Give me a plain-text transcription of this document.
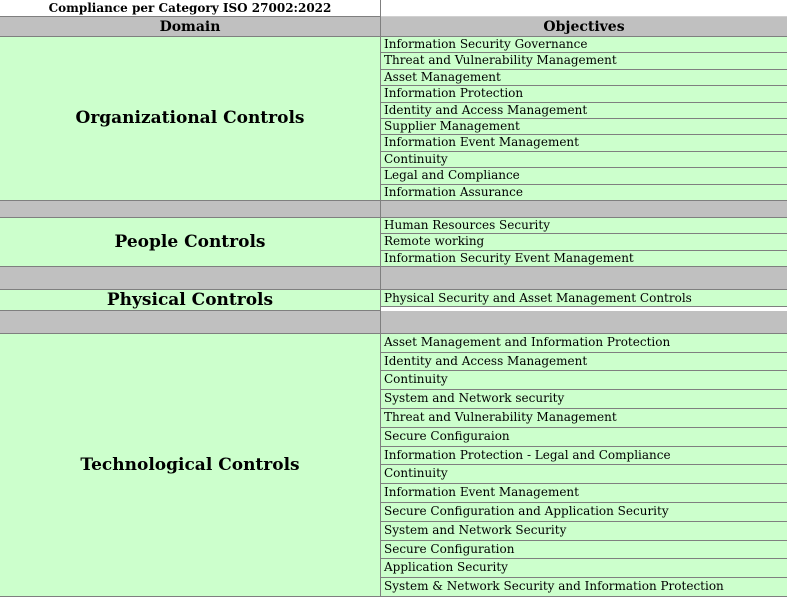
Compliance per Category ISO 27002:2022
Domain	Objectives
Organizational Controls
Information Security Governance
Threat and Vulnerability Management
Asset Management
Information Protection
Identity and Access Management
Supplier Management
Information Event Management
Continuity
Legal and Compliance
Information Assurance
People Controls
Human Resources Security
Remote working
Information Security Event Management
Physical Controls	Physical Security and Asset Management Controls
Technological Controls
Asset Management and Information Protection
Identity and Access Management
Continuity
System and Network security
Threat and Vulnerability Management
Secure Configuraion
Information Protection - Legal and Compliance
Continuity
Information Event Management
Secure Configuration and Application Security
System and Network Security
Secure Configuration
Application Security
System & Network Security and Information Protection
